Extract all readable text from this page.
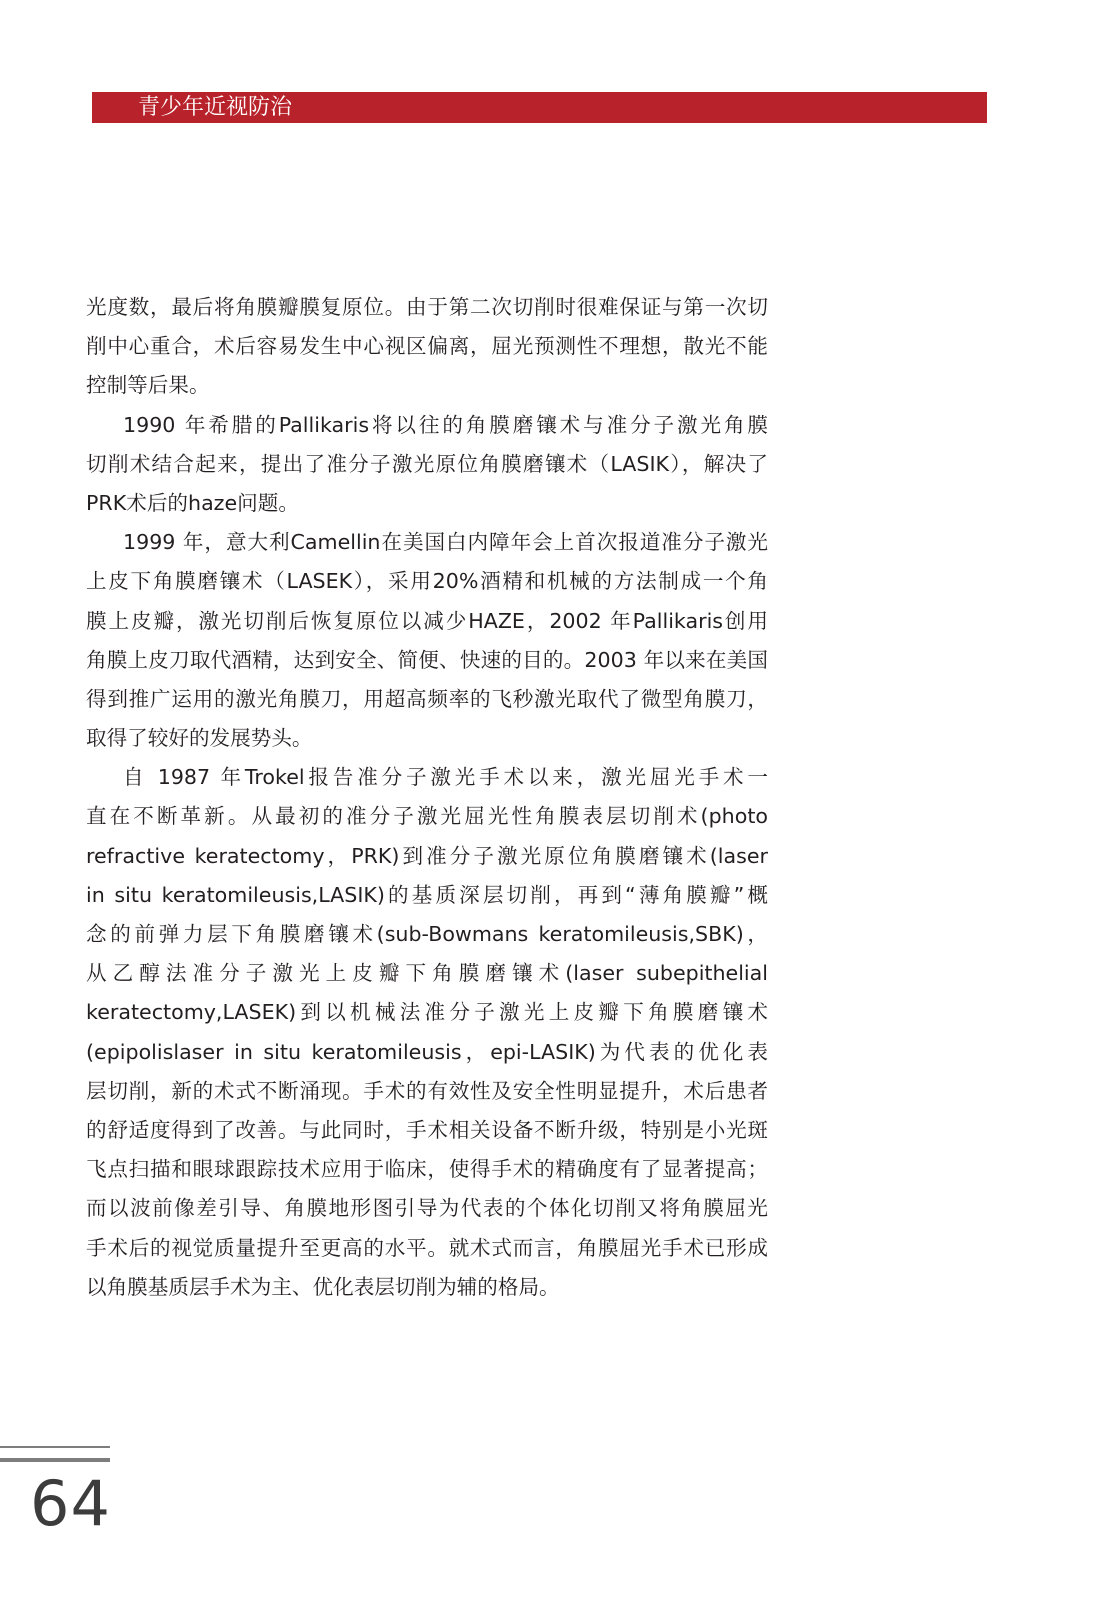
青少年近视防治
光度数，最后将角膜瓣膜复原位。由于第二次切削时很难保证与第一次切
削中心重合，术后容易发生中心视区偏离，屈光预测性不理想，散光不能
控制等后果。
1990 年希腊的Pallikaris将以往的角膜磨镶术与准分子激光角膜
切削术结合起来，提出了准分子激光原位角膜磨镶术（LASIK），解决了
PRK术后的haze问题。
1999 年，意大利Camellin在美国白内障年会上首次报道准分子激光
上皮下角膜磨镶术（LASEK），采用20%酒精和机械的方法制成一个角
膜上皮瓣，激光切削后恢复原位以减少HAZE，2002 年Pallikaris创用
角膜上皮刀取代酒精，达到安全、简便、快速的目的。2003 年以来在美国
得到推广运用的激光角膜刀，用超高频率的飞秒激光取代了微型角膜刀，
取得了较好的发展势头。
自 1987 年Trokel报告准分子激光手术以来，激光屈光手术一
直在不断革新。从最初的准分子激光屈光性角膜表层切削术(photo
refractive keratectomy，PRK)到准分子激光原位角膜磨镶术(laser
in situ keratomileusis,LASIK)的基质深层切削，再到“薄角膜瓣”概
念的前弹力层下角膜磨镶术(sub-Bowmans keratomileusis,SBK)，
从乙醇法准分子激光上皮瓣下角膜磨镶术(laser subepithelial
keratectomy,LASEK)到以机械法准分子激光上皮瓣下角膜磨镶术
(epipolislaser in situ keratomileusis，epi-LASIK)为代表的优化表
层切削，新的术式不断涌现。手术的有效性及安全性明显提升，术后患者
的舒适度得到了改善。与此同时，手术相关设备不断升级，特别是小光斑
飞点扫描和眼球跟踪技术应用于临床，使得手术的精确度有了显著提高；
而以波前像差引导、角膜地形图引导为代表的个体化切削又将角膜屈光
手术后的视觉质量提升至更高的水平。就术式而言，角膜屈光手术已形成
以角膜基质层手术为主、优化表层切削为辅的格局。
64
